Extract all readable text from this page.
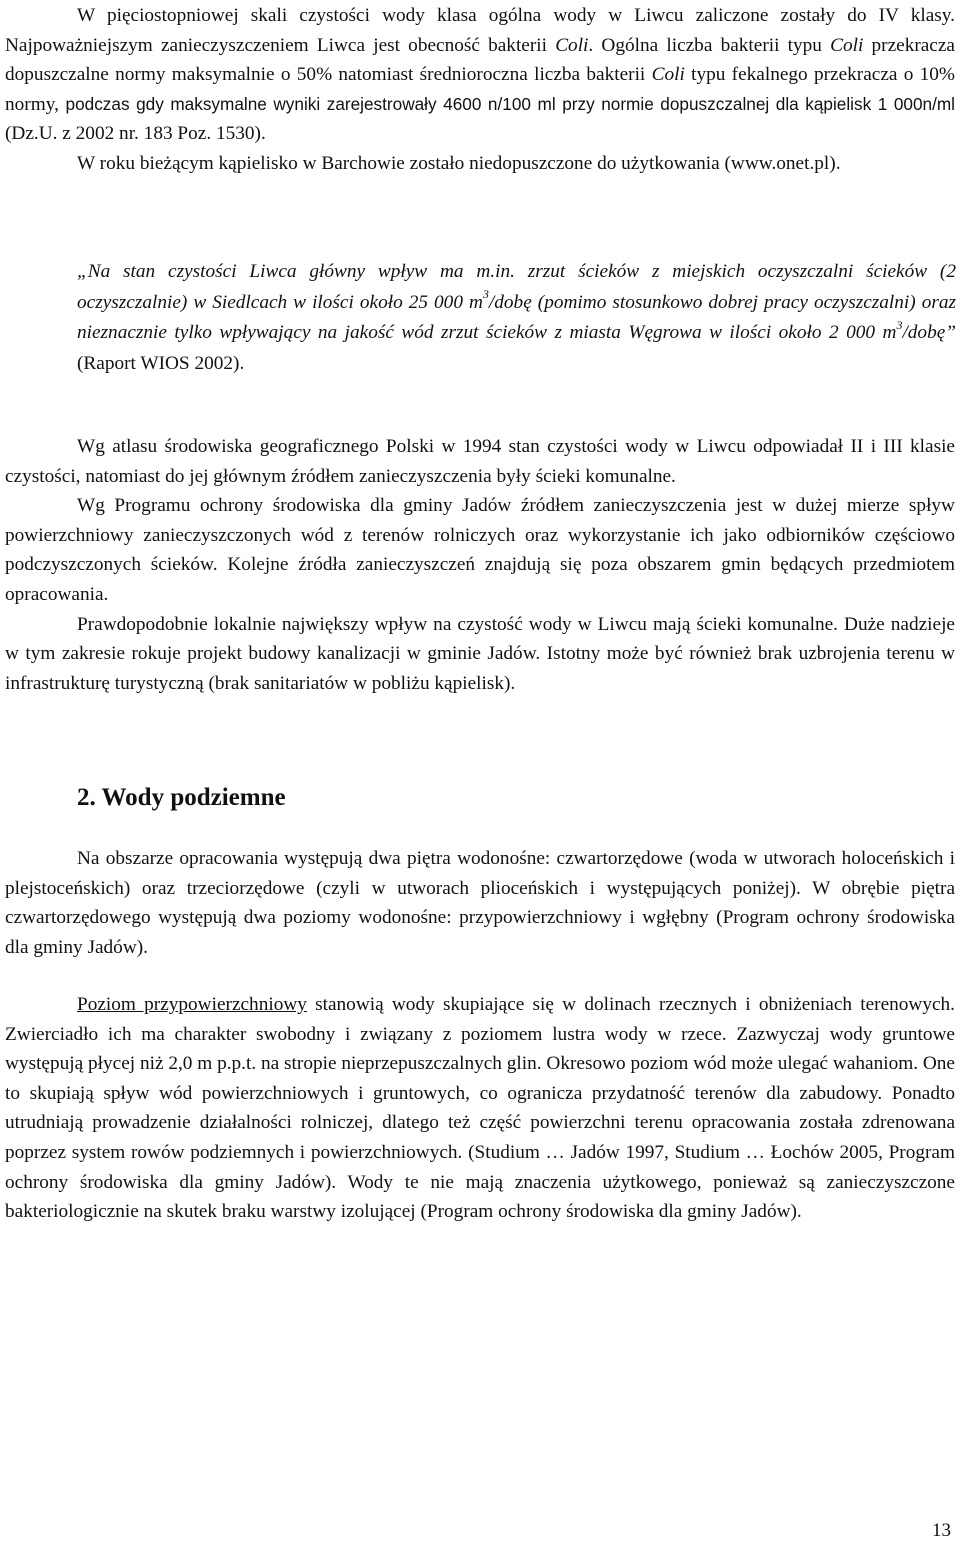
W pięciostopniowej skali czystości wody klasa ogólna wody w Liwcu zaliczone zostały do IV klasy. Najpoważniejszym zanieczyszczeniem Liwca jest obecność bakterii Coli. Ogólna liczba bakterii typu Coli przekracza dopuszczalne normy maksymalnie o 50% natomiast średnioroczna liczba bakterii Coli typu fekalnego przekracza o 10% normy, podczas gdy maksymalne wyniki zarejestrowały 4600 n/100 ml przy normie dopuszczalnej dla kąpielisk 1 000n/ml (Dz.U. z 2002 nr. 183 Poz. 1530).

W roku bieżącym kąpielisko w Barchowie zostało niedopuszczone do użytkowania (www.onet.pl).

„Na stan czystości Liwca główny wpływ ma m.in. zrzut ścieków z miejskich oczyszczalni ścieków (2 oczyszczalnie) w Siedlcach w ilości około 25 000 $m^3$/dobę (pomimo stosunkowo dobrej pracy oczyszczalni) oraz nieznacznie tylko wpływający na jakość wód zrzut ścieków z miasta Węgrowa w ilości około 2 000 $m^3$/dobę” (Raport WIOS 2002).

Wg atlasu środowiska geograficznego Polski w 1994 stan czystości wody w Liwcu odpowiadał II i III klasie czystości, natomiast do jej głównym źródłem zanieczyszczenia były ścieki komunalne.

Wg Programu ochrony środowiska dla gminy Jadów źródłem zanieczyszczenia jest w dużej mierze spływ powierzchniowy zanieczyszczonych wód z terenów rolniczych oraz wykorzystanie ich jako odbiorników częściowo podczyszczonych ścieków. Kolejne źródła zanieczyszczeń znajdują się poza obszarem gmin będących przedmiotem opracowania.

Prawdopodobnie lokalnie największy wpływ na czystość wody w Liwcu mają ścieki komunalne. Duże nadzieje w tym zakresie rokuje projekt budowy kanalizacji w gminie Jadów. Istotny może być również brak uzbrojenia terenu w infrastrukturę turystyczną (brak sanitariatów w pobliżu kąpielisk).

2. Wody podziemne

Na obszarze opracowania występują dwa piętra wodonośne: czwartorzędowe (woda w utworach holoceńskich i plejstoceńskich) oraz trzeciorzędowe (czyli w utworach plioceńskich i występujących poniżej). W obrębie piętra czwartorzędowego występują dwa poziomy wodonośne: przypowierzchniowy i wgłębny (Program ochrony środowiska dla gminy Jadów).

Poziom przypowierzchniowy stanowią wody skupiające się w dolinach rzecznych i obniżeniach terenowych. Zwierciadło ich ma charakter swobodny i związany z poziomem lustra wody w rzece. Zazwyczaj wody gruntowe występują płycej niż 2,0 m p.p.t. na stropie nieprzepuszczalnych glin. Okresowo poziom wód może ulegać wahaniom. One to skupiają spływ wód powierzchniowych i gruntowych, co ogranicza przydatność terenów dla zabudowy. Ponadto utrudniają prowadzenie działalności rolniczej, dlatego też część powierzchni terenu opracowania została zdrenowana poprzez system rowów podziemnych i powierzchniowych. (Studium … Jadów 1997, Studium … Łochów 2005, Program ochrony środowiska dla gminy Jadów). Wody te nie mają znaczenia użytkowego, ponieważ są zanieczyszczone bakteriologicznie na skutek braku warstwy izolującej (Program ochrony środowiska dla gminy Jadów).

13
